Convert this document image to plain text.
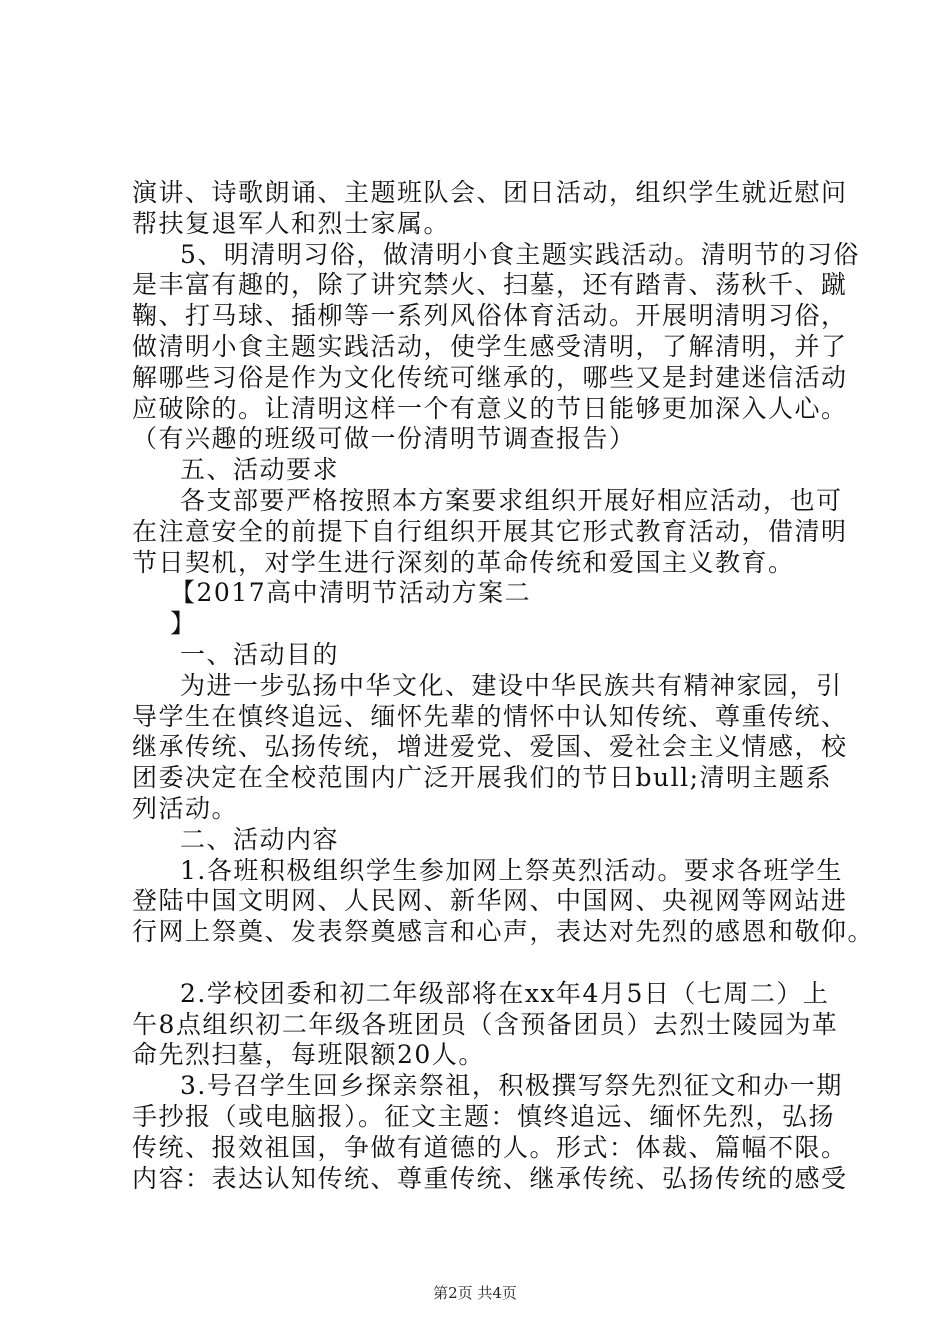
演讲、诗歌朗诵、主题班队会、团日活动，组织学生就近慰问
帮扶复退军人和烈士家属。
5、明清明习俗，做清明小食主题实践活动。清明节的习俗
是丰富有趣的，除了讲究禁火、扫墓，还有踏青、荡秋千、蹴
鞠、打马球、插柳等一系列风俗体育活动。开展明清明习俗，
做清明小食主题实践活动，使学生感受清明，了解清明，并了
解哪些习俗是作为文化传统可继承的，哪些又是封建迷信活动
应破除的。让清明这样一个有意义的节日能够更加深入人心。
（有兴趣的班级可做一份清明节调查报告）
五、活动要求
各支部要严格按照本方案要求组织开展好相应活动，也可
在注意安全的前提下自行组织开展其它形式教育活动，借清明
节日契机，对学生进行深刻的革命传统和爱国主义教育。
【2017高中清明节活动方案二
】
一、活动目的
为进一步弘扬中华文化、建设中华民族共有精神家园，引
导学生在慎终追远、缅怀先辈的情怀中认知传统、尊重传统、
继承传统、弘扬传统，增进爱党、爱国、爱社会主义情感，校
团委决定在全校范围内广泛开展我们的节日bull;清明主题系
列活动。
二、活动内容
1.各班积极组织学生参加网上祭英烈活动。要求各班学生
登陆中国文明网、人民网、新华网、中国网、央视网等网站进
行网上祭奠、发表祭奠感言和心声，表达对先烈的感恩和敬仰。
2.学校团委和初二年级部将在xx年4月5日（七周二）上
午8点组织初二年级各班团员（含预备团员）去烈士陵园为革
命先烈扫墓，每班限额20人。
3.号召学生回乡探亲祭祖，积极撰写祭先烈征文和办一期
手抄报（或电脑报）。征文主题：慎终追远、缅怀先烈，弘扬
传统、报效祖国，争做有道德的人。形式：体裁、篇幅不限。
内容：表达认知传统、尊重传统、继承传统、弘扬传统的感受
第2页 共4页
